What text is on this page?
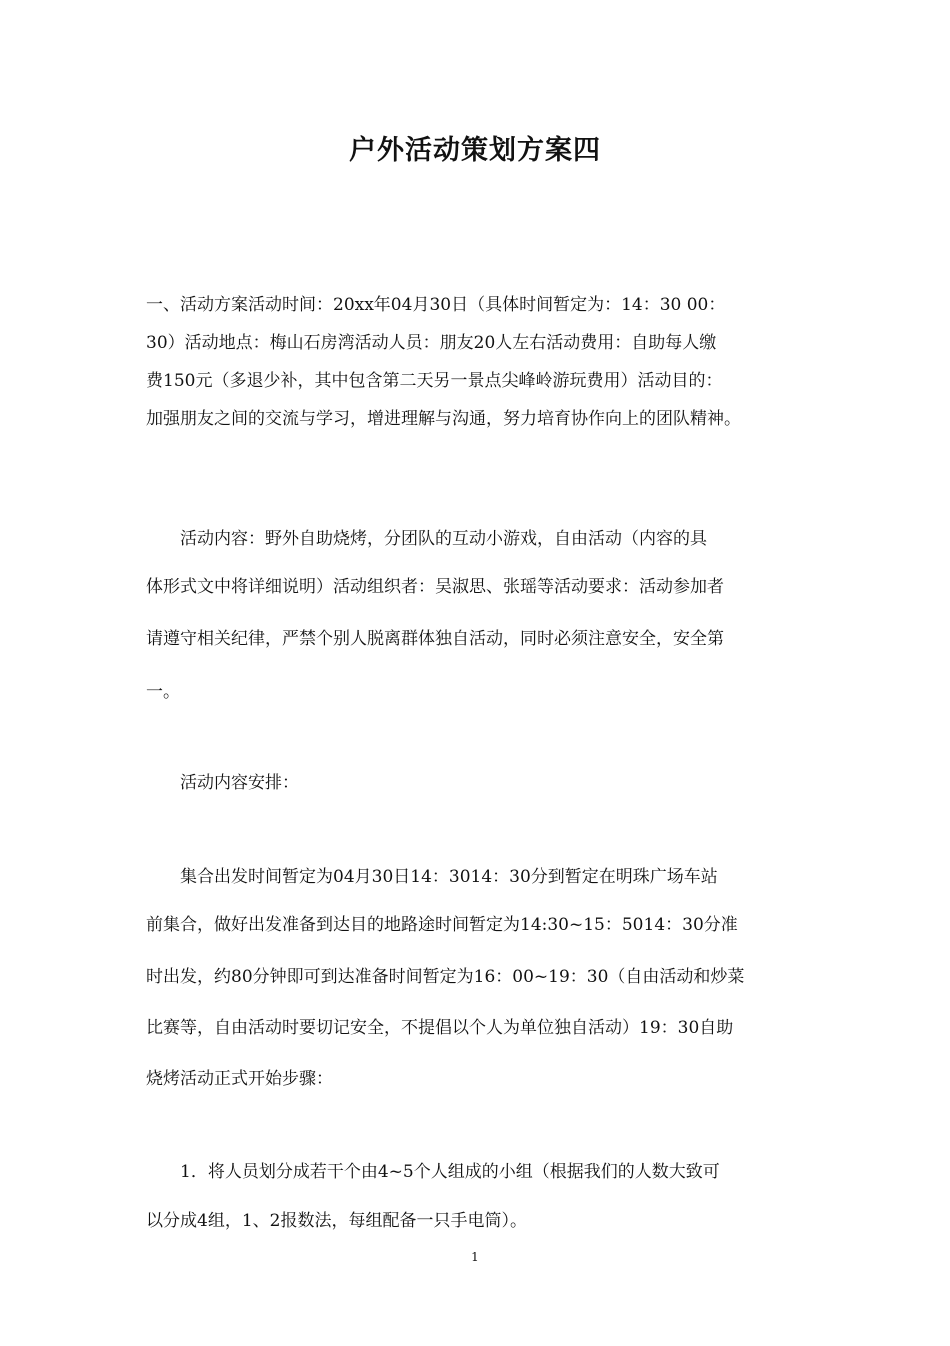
户外活动策划方案四

一、活动方案活动时间：20xx年04月30日（具体时间暂定为：14：30 00：

30）活动地点：梅山石房湾活动人员：朋友20人左右活动费用：自助每人缴

费150元（多退少补，其中包含第二天另一景点尖峰岭游玩费用）活动目的：

加强朋友之间的交流与学习，增进理解与沟通，努力培育协作向上的团队精神。

　　活动内容：野外自助烧烤，分团队的互动小游戏，自由活动（内容的具

体形式文中将详细说明）活动组织者：吴淑思、张瑶等活动要求：活动参加者

请遵守相关纪律，严禁个别人脱离群体独自活动，同时必须注意安全，安全第

一。

　　活动内容安排：

　　集合出发时间暂定为04月30日14：3014：30分到暂定在明珠广场车站

前集合，做好出发准备到达目的地路途时间暂定为14:30~15：5014：30分准

时出发，约80分钟即可到达准备时间暂定为16：00~19：30（自由活动和炒菜

比赛等，自由活动时要切记安全，不提倡以个人为单位独自活动）19：30自助

烧烤活动正式开始步骤：

　　1．将人员划分成若干个由4~5个人组成的小组（根据我们的人数大致可

以分成4组，1、2报数法，每组配备一只手电筒）。

1
